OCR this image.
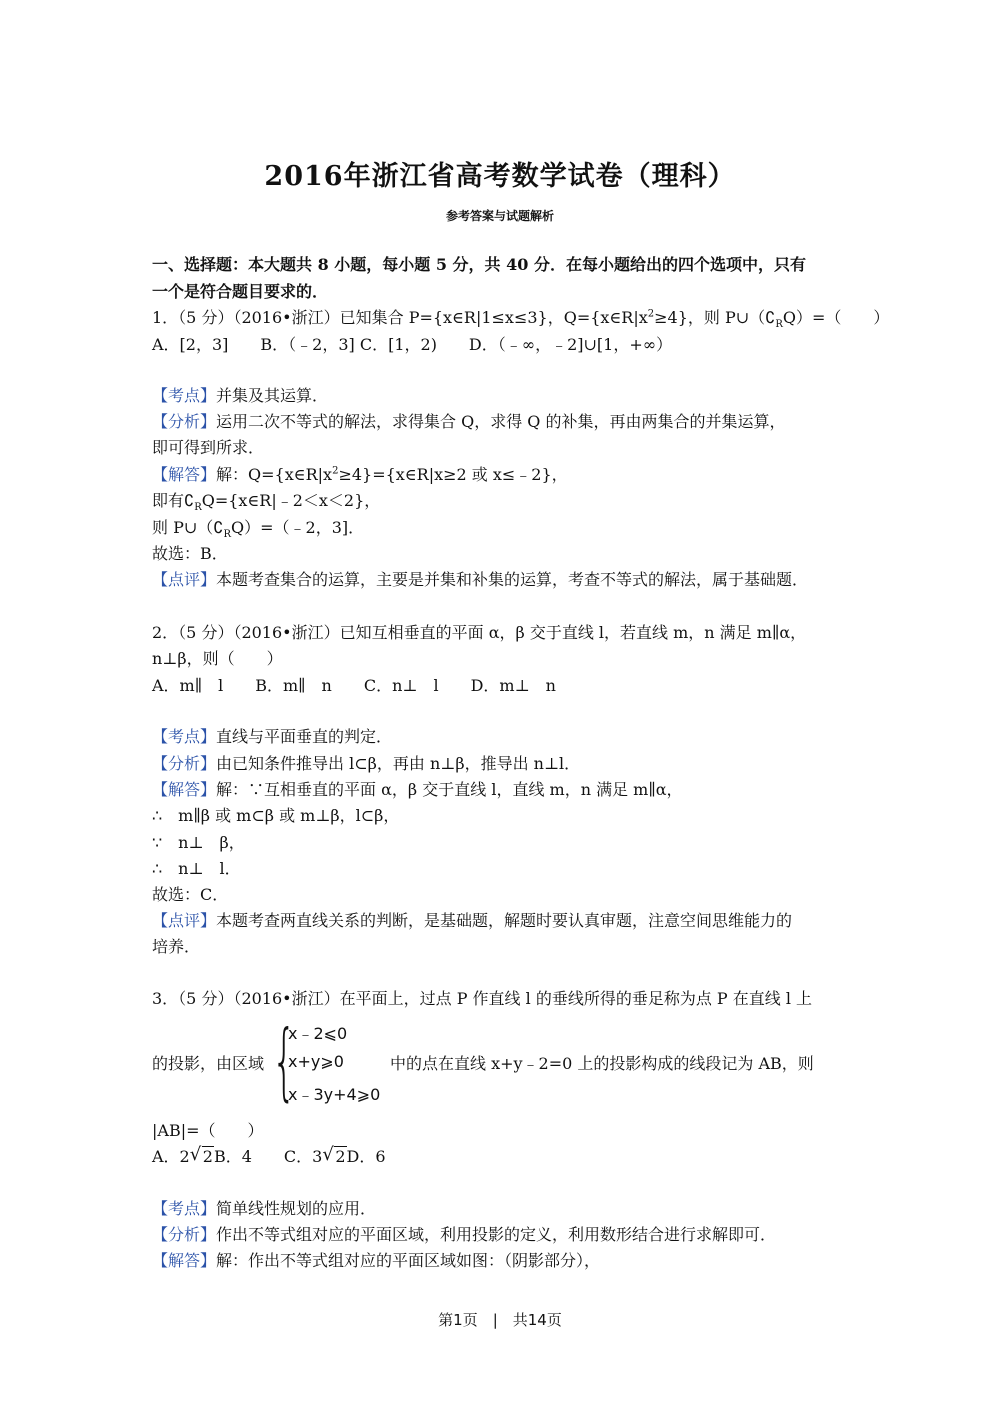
2016年浙江省高考数学试卷（理科）
参考答案与试题解析
一、选择题：本大题共 8 小题，每小题 5 分，共 40 分．在每小题给出的四个选项中，只有
一个是符合题目要求的．
1．（5 分）（2016•浙江）已知集合 P={x∈R|1≤x≤3}，$Q=\{x\in R|x^2\ge 4\}$，则 $P\cup(∁_RQ)=$（　　）
A．[2，3]　　B．（﹣2，3] C．[1，2)　　D．（﹣∞，﹣2]∪[1，+∞）
【考点】并集及其运算．
【分析】运用二次不等式的解法，求得集合 Q，求得 Q 的补集，再由两集合的并集运算，
即可得到所求．
【解答】解：$Q=\{x\in R|x^2\ge 4\}=\{x\in R|x\ge 2$ 或 x≤﹣2}，
即有$∁_RQ=\{x\in R|﹣2<x<2\}$，
则 $P\cup(∁_RQ)=(﹣2$，3]．
故选：B．
【点评】本题考查集合的运算，主要是并集和补集的运算，考查不等式的解法，属于基础题．
2．（5 分）（2016•浙江）已知互相垂直的平面 α，β 交于直线 l，若直线 m，n 满足 m∥α，
n⊥β，则（　　）
A．m∥　l　　B．m∥　n　　C．n⊥　l　　D．m⊥　n
【考点】直线与平面垂直的判定．
【分析】由已知条件推导出 l⊂β，再由 n⊥β，推导出 n⊥l．
【解答】解：∵互相垂直的平面 α，β 交于直线 l，直线 m，n 满足 m∥α，
∴　m∥β 或 m⊂β 或 m⊥β，l⊂β，
∵　n⊥　β，
∴　n⊥　l．
故选：C．
【点评】本题考查两直线关系的判断，是基础题，解题时要认真审题，注意空间思维能力的
培养．
3．（5 分）（2016•浙江）在平面上，过点 P 作直线 l 的垂线所得的垂足称为点 P 在直线 l 上
的投影，由区域 {
x﹣2⩽0
x+y⩾0
x﹣3y+4⩾0
中的点在直线 x+y﹣2=0 上的投影构成的线段记为 AB，则
|AB|=（　　）
A．2 √ 2B．4　　C．3 √ 2D．6
【考点】简单线性规划的应用．
【分析】作出不等式组对应的平面区域，利用投影的定义，利用数形结合进行求解即可．
【解答】解：作出不等式组对应的平面区域如图：（阴影部分），
第1页　|　共14页
